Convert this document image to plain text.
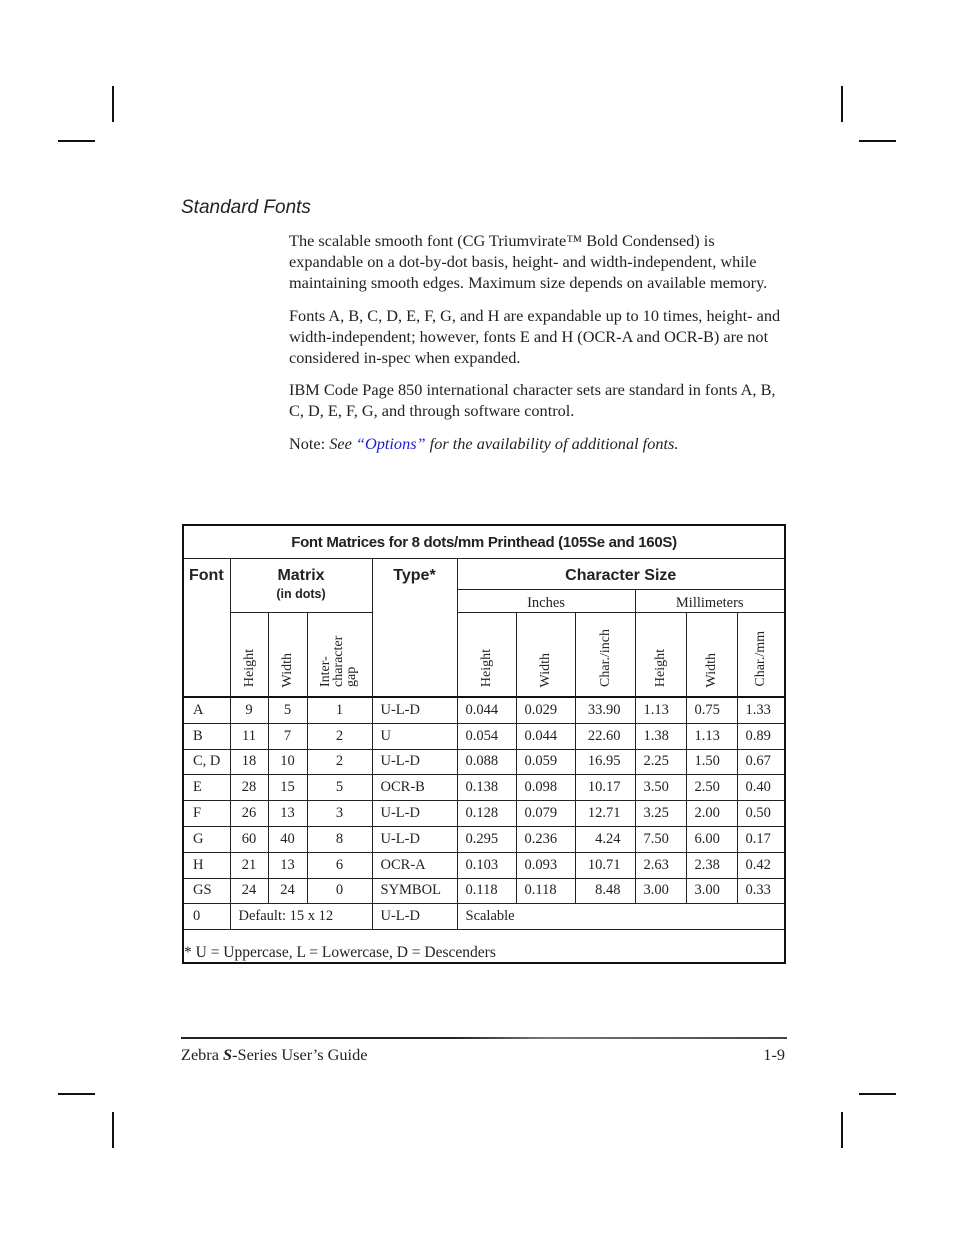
Standard Fonts

The scalable smooth font (CG Triumvirate™ Bold Condensed) is expandable on a dot-by-dot basis, height- and width-independent, while maintaining smooth edges. Maximum size depends on available memory.

Fonts A, B, C, D, E, F, G, and H are expandable up to 10 times, height- and width-independent; however, fonts E and H (OCR-A and OCR-B) are not considered in-spec when expanded.

IBM Code Page 850 international character sets are standard in fonts A, B, C, D, E, F, G, and through software control.

Note: See “Options” for the availability of additional fonts.

Font Matrices for 8 dots/mm Printhead (105Se and 160S)										
Font	Matrix
(in dots)			Type*	Character Size					
					Inches			Millimeters		
	Height	Width	Inter-character gap		Height	Width	Char./inch	Height	Width	Char./mm
A	9	5	1	U-L-D	0.044	0.029	33.90	1.13	0.75	1.33
B	11	7	2	U	0.054	0.044	22.60	1.38	1.13	0.89
C, D	18	10	2	U-L-D	0.088	0.059	16.95	2.25	1.50	0.67
E	28	15	5	OCR-B	0.138	0.098	10.17	3.50	2.50	0.40
F	26	13	3	U-L-D	0.128	0.079	12.71	3.25	2.00	0.50
G	60	40	8	U-L-D	0.295	0.236	4.24	7.50	6.00	0.17
H	21	13	6	OCR-A	0.103	0.093	10.71	2.63	2.38	0.42
GS	24	24	0	SYMBOL	0.118	0.118	8.48	3.00	3.00	0.33
0	Default: 15 x 12			U-L-D	Scalable					
* U = Uppercase, L = Lowercase, D = Descenders										
Zebra S-Series User’s Guide	1-9
